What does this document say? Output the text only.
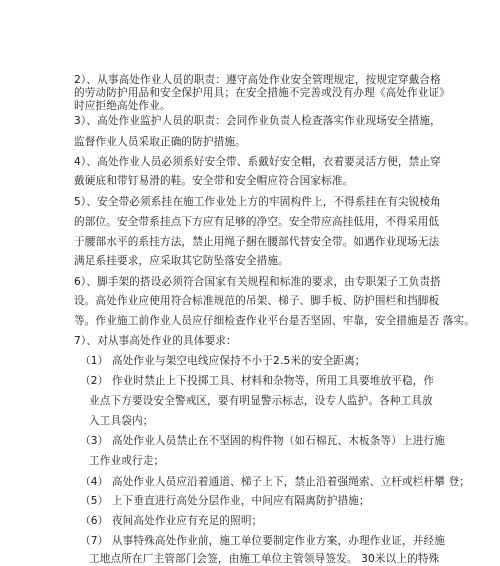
2）、从事高处作业人员的职责：遵守高处作业安全管理规定，按规定穿戴合格
的劳动防护用品和安全保护用具；在安全措施不完善或没有办理《高处作业证》
时应拒绝高处作业。
3）、高处作业监护人员的职责：会同作业负责人检查落实作业现场安全措施，
监督作业人员采取正确的防护措施。
4）、高处作业人员必须系好安全带、系戴好安全帽，衣着要灵活方便，禁止穿
戴硬底和带钉易滑的鞋。安全带和安全帽应符合国家标准。
5）、安全带必须系挂在施工作业处上方的牢固构件上，不得系挂在有尖锐棱角
的部位。安全带系挂点下方应有足够的净空。安全带应高挂低用，不得采用低
于腰部水平的系挂方法，禁止用绳子捆在腰部代替安全带。如遇作业现场无法
满足系挂要求，应采取其它防坠落安全措施。
6）、脚手架的搭设必须符合国家有关规程和标准的要求，由专职架子工负责搭
设。高处作业应使用符合标准规范的吊架、梯子、脚手板、防护围栏和挡脚板
等。作业施工前作业人员应仔细检查作业平台是否坚固、牢靠，安全措施是否 落实。
7）、对从事高处作业的具体要求：
（1） 高处作业与架空电线应保持不小于2.5米的安全距离；
（2） 作业时禁止上下投掷工具、材料和杂物等，所用工具要堆放平稳，作
业点下方要设安全警戒区，要有明显警示标志，设专人监护。各种工具放
入工具袋内；
（3） 高处作业人员禁止在不坚固的构件物（如石棉瓦、木板条等）上进行施
工作业或行走；
（4） 高处作业人员应沿着通道、梯子上下，禁止沿着强绳索、立杆或栏杆攀 登；
（5） 上下垂直进行高处分层作业，中间应有隔离防护措施；
（6） 夜间高处作业应有充足的照明；
（7） 从事特殊高处作业前，施工单位要制定作业方案，办理作业证，并经施
工地点所在厂主管部门会签，由施工单位主管领导签发。 30米以上的特殊
